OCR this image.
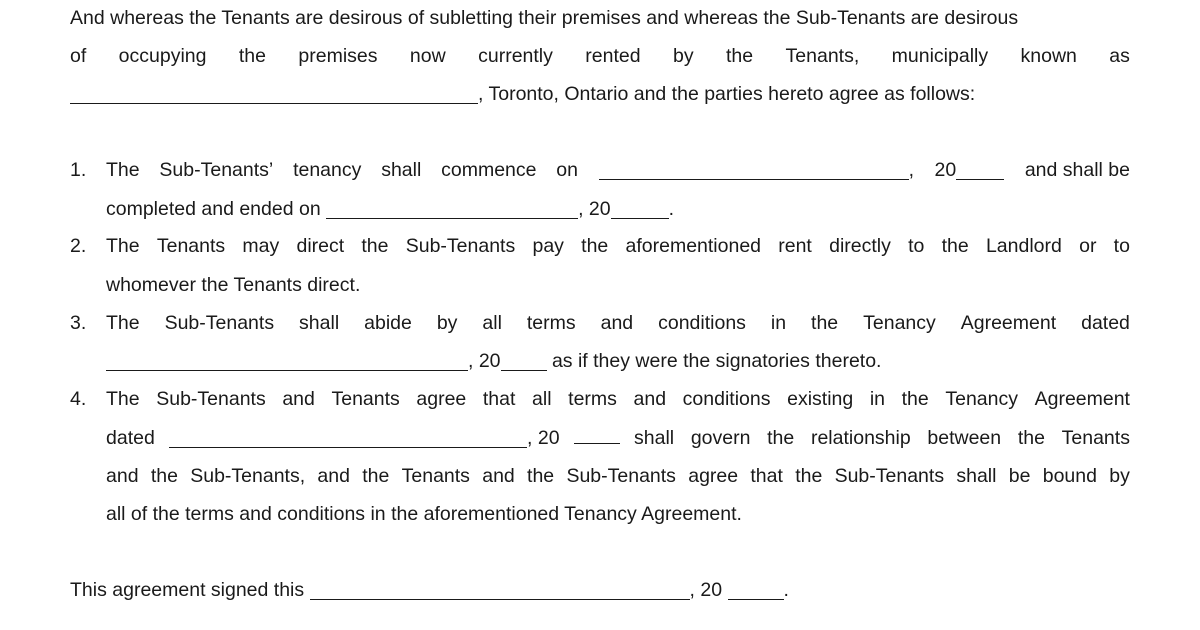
And whereas the Tenants are desirous of subletting their premises and whereas the Sub-Tenants are desirous
of occupying the premises now currently rented by the Tenants, municipally known as
, Toronto, Ontario and the parties hereto agree as follows:
1. The Sub-Tenants’ tenancy shall commence on	, 20	and shall be
completed and ended on	, 20	.
2. The Tenants may direct the Sub-Tenants pay the aforementioned rent directly to the Landlord or to
whomever the Tenants direct.
3. The Sub-Tenants shall abide by all terms and conditions in the Tenancy Agreement dated
, 20	as if they were the signatories thereto.
4. The Sub-Tenants and Tenants agree that all terms and conditions existing in the Tenancy Agreement
dated	, 20	shall govern the relationship between the Tenants
and the Sub-Tenants, and the Tenants and the Sub-Tenants agree that the Sub-Tenants shall be bound by
all of the terms and conditions in the aforementioned Tenancy Agreement.
This agreement signed this	, 20	.
